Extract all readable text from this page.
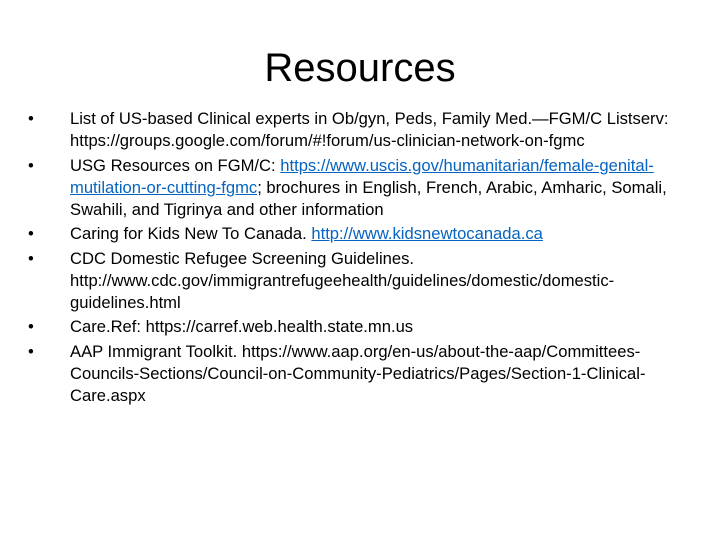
Resources
•	List of US-based Clinical experts in Ob/gyn, Peds, Family Med.—FGM/C Listserv: https://groups.google.com/forum/#!forum/us-clinician-network-on-fgmc
•	USG Resources on FGM/C: https://www.uscis.gov/humanitarian/female-genital-mutilation-or-cutting-fgmc; brochures in English, French, Arabic, Amharic, Somali, Swahili, and Tigrinya and other information
•	Caring for Kids New To Canada. http://www.kidsnewtocanada.ca
•	CDC Domestic Refugee Screening Guidelines. http://www.cdc.gov/immigrantrefugeehealth/guidelines/domestic/domestic-guidelines.html
•	Care.Ref: https://carref.web.health.state.mn.us
•	AAP Immigrant Toolkit. https://www.aap.org/en-us/about-the-aap/Committees-Councils-Sections/Council-on-Community-Pediatrics/Pages/Section-1-Clinical-Care.aspx
